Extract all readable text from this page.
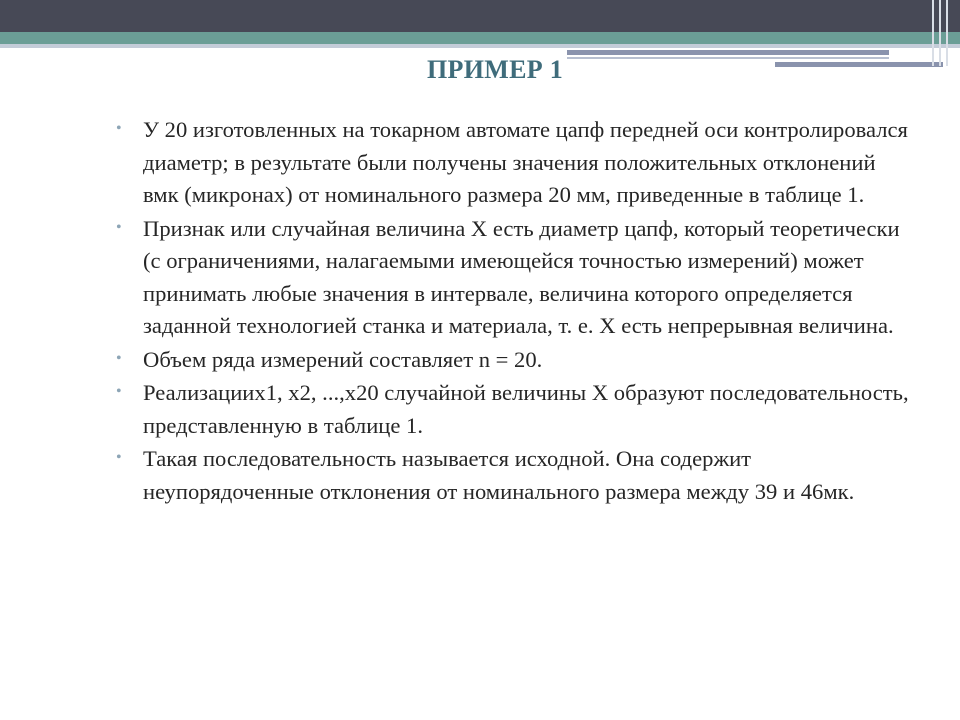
ПРИМЕР 1
• У 20 изготовленных на токарном автомате цапф передней оси контролировался диаметр; в результате были получены значения положительных отклонений вмк (микронах) от номинального размера 20 мм, приведенные в таблице 1.

• Признак или случайная величина X есть диаметр цапф, который теоретически (с ограничениями, налагаемыми имеющейся точностью измерений) может принимать любые значения в интервале, величина которого определяется заданной технологией станка и материала, т. е. X есть непрерывная величина.

• Объем ряда измерений составляет n = 20.

• Реализациих1, x2, ...,x20 случайной величины X образуют последовательность, представленную в таблице 1.

• Такая последовательность называется исходной. Она содержит неупорядоченные отклонения от номинального размера между 39 и 46мк.
